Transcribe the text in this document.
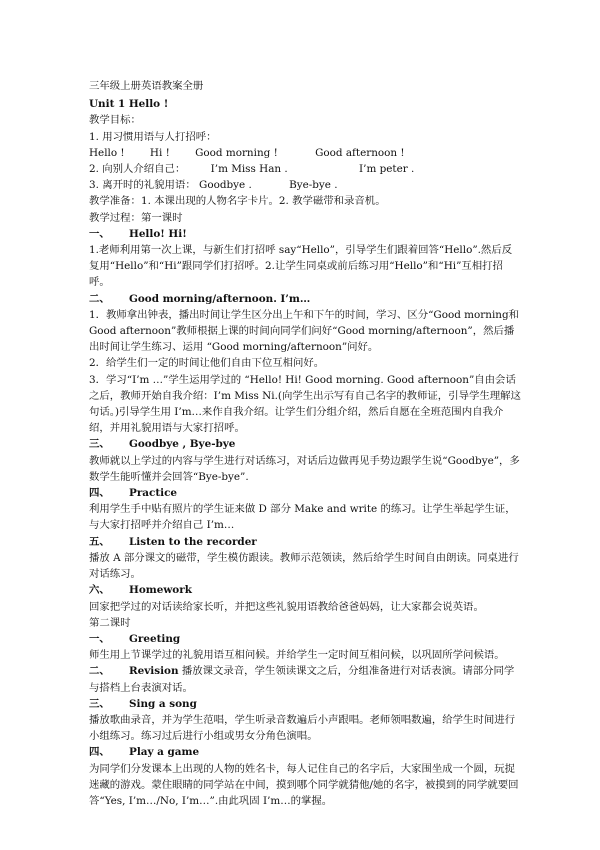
三年级上册英语教案全册
Unit 1 Hello !
教学目标：
1. 用习惯用语与人打招呼：
Hello ! Hi ! Good morning !	Good afternoon !
2. 向别人介绍自己： I’m Miss Han .	I’m peter .
3. 离开时的礼貌用语： Goodbye .	Bye-bye .
教学准备：1. 本课出现的人物名字卡片。2. 教学磁带和录音机。
教学过程：第一课时
一、 Hello! Hi!
1.老师利用第一次上课，与新生们打招呼 say“Hello”，引导学生们跟着回答“Hello”.然后反复用“Hello”和“Hi”跟同学们打招呼。2.让学生同桌或前后练习用“Hello”和“Hi”互相打招呼。
二、 Good morning/afternoon. I’m…
1．教师拿出钟表，播出时间让学生区分出上午和下午的时间，学习、区分“Good morning和 Good afternoon”教师根据上课的时间向同学们问好“Good morning/afternoon”，然后播出时间让学生练习、运用 “Good morning/afternoon”问好。
2．给学生们一定的时间让他们自由下位互相问好。
3．学习“I’m …”学生运用学过的 “Hello! Hi! Good morning. Good afternoon”自由会话之后，教师开始自我介绍：I’m Miss Ni.(向学生出示写有自己名字的教师证，引导学生理解这句话。)引导学生用 I’m…来作自我介绍。让学生们分组介绍，然后自愿在全班范围内自我介绍，并用礼貌用语与大家打招呼。
三、 Goodbye , Bye-bye
教师就以上学过的内容与学生进行对话练习，对话后边做再见手势边跟学生说“Goodbye”，多数学生能听懂并会回答“Bye-bye”.
四、 Practice
利用学生手中贴有照片的学生证来做 D 部分 Make and write 的练习。让学生举起学生证，与大家打招呼并介绍自己 I’m…
五、 Listen to the recorder
播放 A 部分课文的磁带，学生模仿跟读。教师示范领读，然后给学生时间自由朗读。同桌进行对话练习。
六、 Homework
回家把学过的对话读给家长听，并把这些礼貌用语教给爸爸妈妈，让大家都会说英语。
第二课时
一、 Greeting
师生用上节课学过的礼貌用语互相问候。并给学生一定时间互相问候，以巩固所学问候语。
二、 Revision 播放课文录音，学生领读课文之后，分组准备进行对话表演。请部分同学与搭档上台表演对话。
三、 Sing a song
播放歌曲录音，并为学生范唱，学生听录音数遍后小声跟唱。老师领唱数遍，给学生时间进行小组练习。练习过后进行小组或男女分角色演唱。
四、 Play a game
为同学们分发课本上出现的人物的姓名卡，每人记住自己的名字后，大家围坐成一个圆，玩捉迷藏的游戏。蒙住眼睛的同学站在中间，摸到哪个同学就猜他/她的名字，被摸到的同学就要回答“Yes, I’m…/No, I’m…”.由此巩固 I’m…的掌握。
